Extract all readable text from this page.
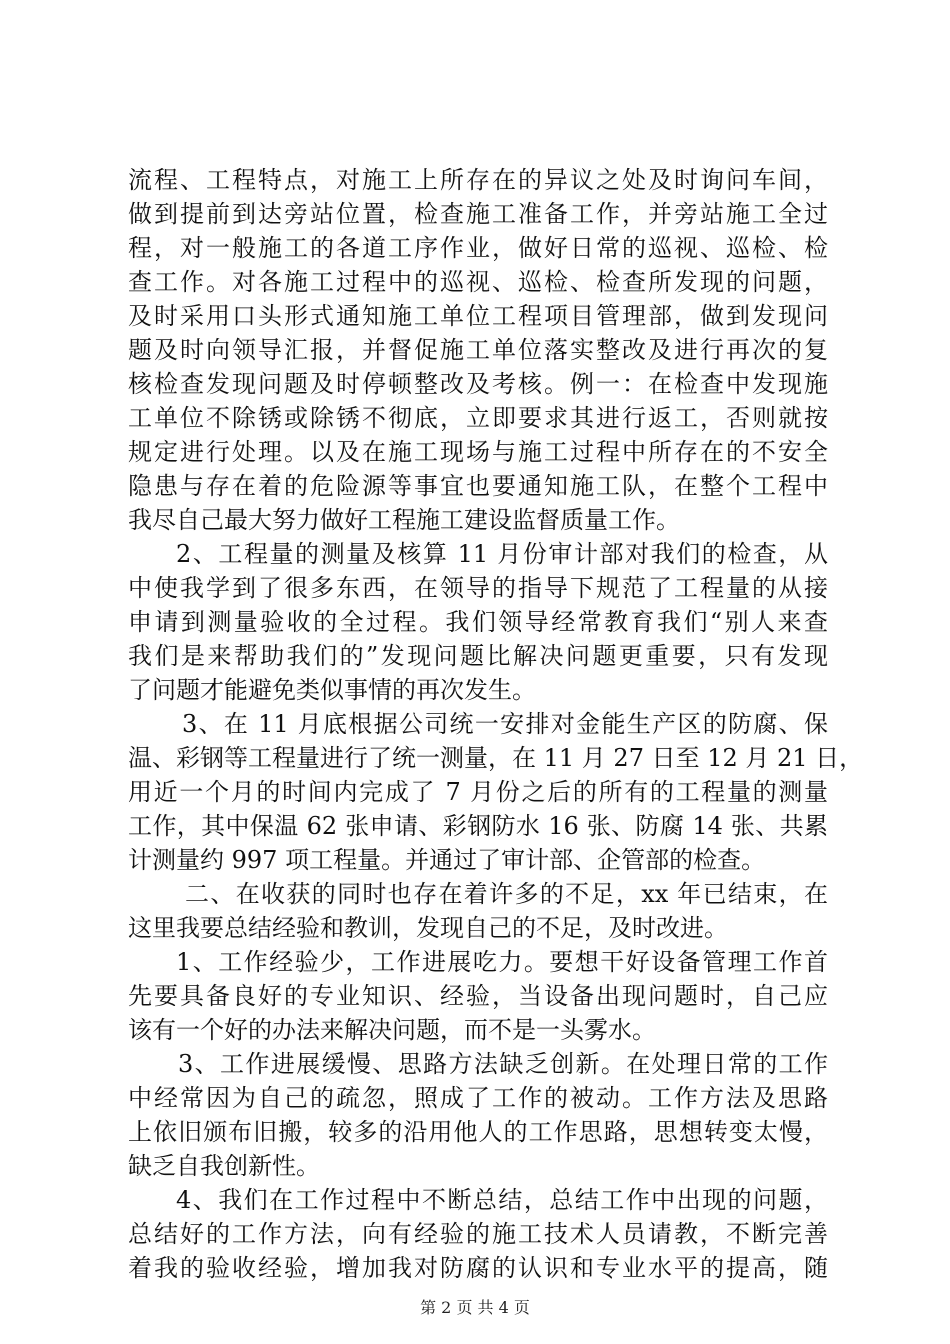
流程、工程特点，对施工上所存在的异议之处及时询问车间，
做到提前到达旁站位置，检查施工准备工作，并旁站施工全过
程，对一般施工的各道工序作业，做好日常的巡视、巡检、检
查工作。对各施工过程中的巡视、巡检、检查所发现的问题，
及时采用口头形式通知施工单位工程项目管理部，做到发现问
题及时向领导汇报，并督促施工单位落实整改及进行再次的复
核检查发现问题及时停顿整改及考核。例一：在检查中发现施
工单位不除锈或除锈不彻底，立即要求其进行返工，否则就按
规定进行处理。以及在施工现场与施工过程中所存在的不安全
隐患与存在着的危险源等事宜也要通知施工队，在整个工程中
我尽自己最大努力做好工程施工建设监督质量工作。
2、工程量的测量及核算 11 月份审计部对我们的检查，从
中使我学到了很多东西，在领导的指导下规范了工程量的从接
申请到测量验收的全过程。我们领导经常教育我们“别人来查
我们是来帮助我们的”发现问题比解决问题更重要，只有发现
了问题才能避免类似事情的再次发生。
3、在 11 月底根据公司统一安排对金能生产区的防腐、保
温、彩钢等工程量进行了统一测量，在 11 月 27 日至 12 月 21 日，
用近一个月的时间内完成了 7 月份之后的所有的工程量的测量
工作，其中保温 62 张申请、彩钢防水 16 张、防腐 14 张、共累
计测量约 997 项工程量。并通过了审计部、企管部的检查。
二、在收获的同时也存在着许多的不足，xx 年已结束，在
这里我要总结经验和教训，发现自己的不足，及时改进。
1、工作经验少，工作进展吃力。要想干好设备管理工作首
先要具备良好的专业知识、经验，当设备出现问题时，自己应
该有一个好的办法来解决问题，而不是一头雾水。
3、工作进展缓慢、思路方法缺乏创新。在处理日常的工作
中经常因为自己的疏忽，照成了工作的被动。工作方法及思路
上依旧颁布旧搬，较多的沿用他人的工作思路，思想转变太慢，
缺乏自我创新性。
4、我们在工作过程中不断总结，总结工作中出现的问题，
总结好的工作方法，向有经验的施工技术人员请教，不断完善
着我的验收经验，增加我对防腐的认识和专业水平的提高，随
第 2 页 共 4 页
